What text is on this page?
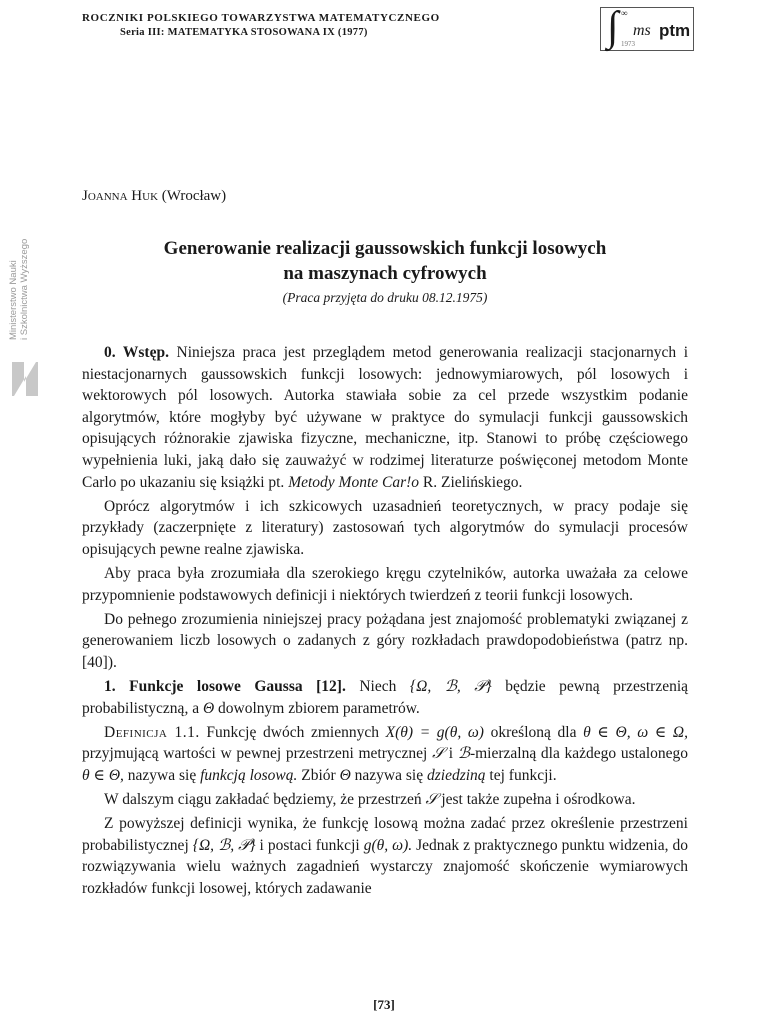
ROCZNIKI POLSKIEGO TOWARZYSTWA MATEMATYCZNEGO
Seria III: MATEMATYKA STOSOWANA IX (1977)	∫ ∞
1973
ms ptm
Ministerstwo Nauki i Szkolnictwa Wyższego
Joanna Huk (Wrocław)
Generowanie realizacji gaussowskich funkcji losowych
na maszynach cyfrowych
(Praca przyjęta do druku 08.12.1975)

0. Wstęp. Niniejsza praca jest przeglądem metod generowania realizacji stacjonarnych i niestacjonarnych gaussowskich funkcji losowych: jednowymiarowych, pól losowych i wektorowych pól losowych. Autorka stawiała sobie za cel przede wszystkim podanie algorytmów, które mogłyby być używane w praktyce do symulacji funkcji gaussowskich opisujących różnorakie zjawiska fizyczne, mechaniczne, itp. Stanowi to próbę częściowego wypełnienia luki, jaką dało się zauważyć w rodzimej literaturze poświęconej metodom Monte Carlo po ukazaniu się książki pt. Metody Monte Car!o R. Zielińskiego.

Oprócz algorytmów i ich szkicowych uzasadnień teoretycznych, w pracy podaje się przykłady (zaczerpnięte z literatury) zastosowań tych algorytmów do symulacji procesów opisujących pewne realne zjawiska.

Aby praca była zrozumiała dla szerokiego kręgu czytelników, autorka uważała za celowe przypomnienie podstawowych definicji i niektórych twierdzeń z teorii funkcji losowych.

Do pełnego zrozumienia niniejszej pracy pożądana jest znajomość problematyki związanej z generowaniem liczb losowych o zadanych z góry rozkładach prawdopodobieństwa (patrz np. [40]).

1. Funkcje losowe Gaussa [12]. Niech {Ω, ℬ, 𝒫} będzie pewną przestrzenią probabilistyczną, a Θ dowolnym zbiorem parametrów.

Definicja 1.1. Funkcję dwóch zmiennych X(θ) = g(θ, ω) określoną dla θ ∈ Θ, ω ∈ Ω, przyjmującą wartości w pewnej przestrzeni metrycznej 𝒮 i ℬ-mierzalną dla każdego ustalonego θ ∈ Θ, nazywa się funkcją losową. Zbiór Θ nazywa się dziedziną tej funkcji.

W dalszym ciągu zakładać będziemy, że przestrzeń 𝒮 jest także zupełna i ośrodkowa.

Z powyższej definicji wynika, że funkcję losową można zadać przez określenie przestrzeni probabilistycznej {Ω, ℬ, 𝒫} i postaci funkcji g(θ, ω). Jednak z praktycznego punktu widzenia, do rozwiązywania wielu ważnych zagadnień wystarczy znajomość skończenie wymiarowych rozkładów funkcji losowej, których zadawanie

[73]
